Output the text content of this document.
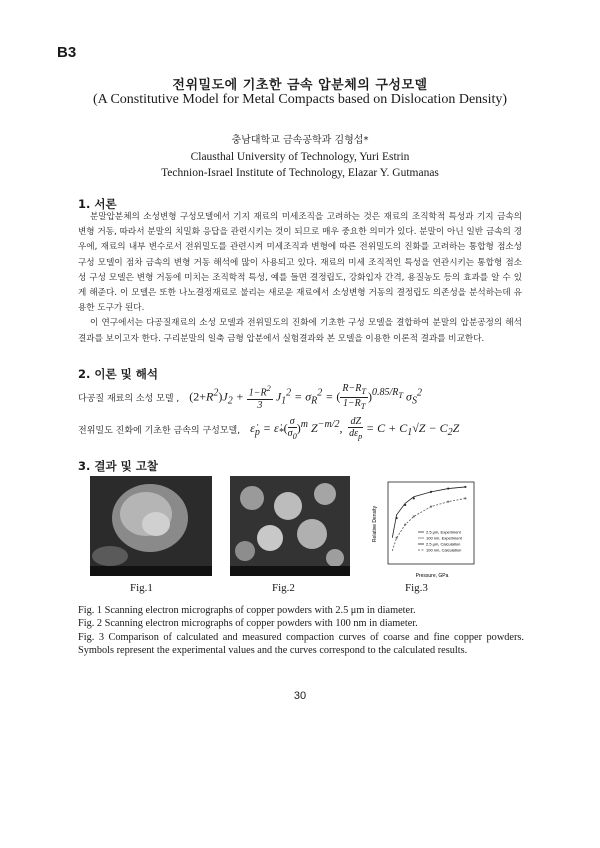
B3
전위밀도에 기초한 금속 압분체의 구성모델
(A Constitutive Model for Metal Compacts based on Dislocation Density)
충남대학교 금속공학과 김형섭*
Clausthal University of Technology, Yuri Estrin
Technion-Israel Institute of Technology, Elazar Y. Gutmanas
1. 서론

분말압분체의 소성변형 구성모델에서 기지 재료의 미세조직을 고려하는 것은 재료의 조직학적 특성과 기지 금속의 변형 거동, 따라서 분말의 치밀화 응답을 관련시키는 것이 되므로 매우 중요한 의미가 있다. 분말이 아닌 일반 금속의 경우에, 재료의 내부 변수로서 전위밀도를 관련시켜 미세조직과 변형에 따른 전위밀도의 진화를 고려하는 통합형 점소성 구성 모델이 점차 금속의 변형 거동 해석에 많이 사용되고 있다. 재료의 미세 조직적인 특성을 연관시키는 통합형 점소성 구성 모델은 변형 거동에 미치는 조직학적 특성, 예를 들면 결정립도, 강화입자 간격, 용질농도 등의 효과를 알 수 있게 해준다. 이 모델은 또한 나노결정재료로 불리는 새로운 재료에서 소성변형 거동의 결정립도 의존성을 분석하는데 유용한 도구가 된다.

이 연구에서는 다공질재료의 소성 모델과 전위밀도의 진화에 기초한 구성 모델을 결합하여 분말의 압분공정의 해석 결과를 보이고자 한다. 구리분말의 일축 금형 압분에서 실험결과와 본 모델을 이용한 이론적 결과를 비교한다.

2. 이론 및 해석
다공질 재료의 소성 모델 , $(2+R^2)J_2 + \frac{1-R^2}{3} J_1^2 = \sigma_R^2$ = ( $\frac{R-R_T}{1-R_T} )^{0.85/R_T}$ $\sigma_S^2$
전위밀도 진화에 기초한 금속의 구성모델, $\varepsiloṅ_p$ = $\varepsiloṅ_*( \frac{\sigma}{\sigma_0} )^m$ $Z^{-m/2}$, $\frac{dZ}{d\varepsilon_p} = C + C_1√Z - C_2Z$
3. 결과 및 고찰
2.5 μm, Experiment
100 nm, Experiment
2.5 μm, Calculation
100 nm, Calculation
Pressure, GPa
Relative Density
Fig.1	Fig.2	Fig.3

Fig. 1 Scanning electron micrographs of copper powders with 2.5 μm in diameter.

Fig. 2 Scanning electron micrographs of copper powders with 100 nm in diameter.

Fig. 3 Comparison of calculated and measured compaction curves of coarse and fine copper powders. Symbols represent the experimental values and the curves correspond to the calculated results.

30
